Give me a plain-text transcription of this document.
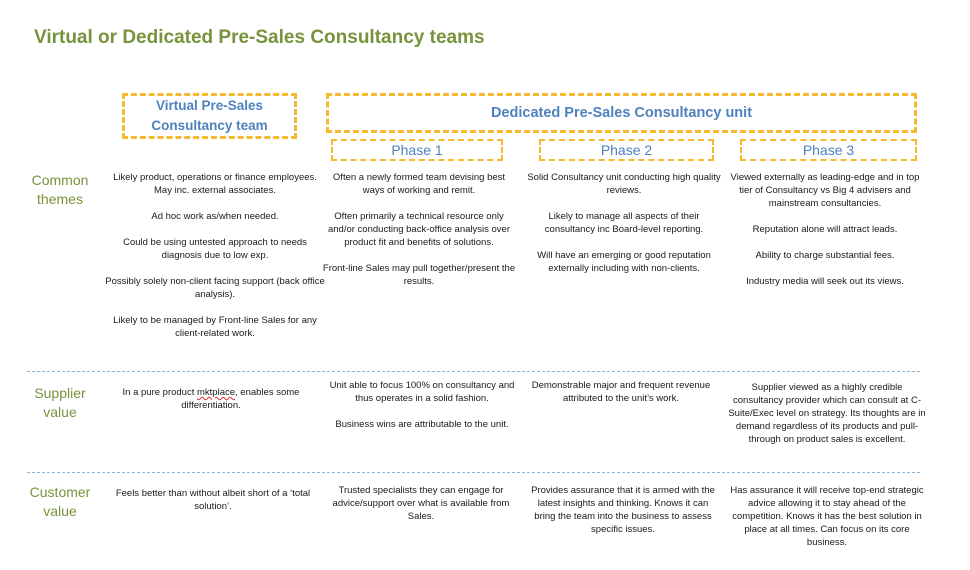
Virtual or Dedicated Pre-Sales Consultancy teams
Virtual Pre-Sales Consultancy team
Dedicated Pre-Sales Consultancy unit
Phase 1	Phase 2	Phase 3
Common themes
Supplier value
Customer value

Likely product, operations or finance employees. May inc. external associates.

Ad hoc work as/when needed.

Could be using untested approach to needs diagnosis due to low exp.

Possibly solely non-client facing support (back office analysis).

Likely to be managed by Front-line Sales for any client-related work.

Often a newly formed team devising best ways of working and remit.

Often primarily a technical resource only and/or conducting back-office analysis over product fit and benefits of solutions.

Front-line Sales may pull together/present the results.

Solid Consultancy unit conducting high quality reviews.

Likely to manage all aspects of their consultancy inc Board-level reporting.

Will have an emerging or good reputation externally including with non-clients.

Viewed externally as leading-edge and in top tier of Consultancy vs Big 4 advisers and mainstream consultancies.

Reputation alone will attract leads.

Ability to charge substantial fees.

Industry media will seek out its views.

In a pure product mktplace, enables some differentiation.

Unit able to focus 100% on consultancy and thus operates in a solid fashion.

Business wins are attributable to the unit.

Demonstrable major and frequent revenue attributed to the unit’s work.

Supplier viewed as a highly credible consultancy provider which can consult at C-Suite/Exec level on strategy. Its thoughts are in demand regardless of its products and pull-through on product sales is excellent.

Feels better than without albeit short of a ‘total solution’.

Trusted specialists they can engage for advice/support over what is available from Sales.

Provides assurance that it is armed with the latest insights and thinking. Knows it can bring the team into the business to assess specific issues.

Has assurance it will receive top-end strategic advice allowing it to stay ahead of the competition. Knows it has the best solution in place at all times. Can focus on its core business.
